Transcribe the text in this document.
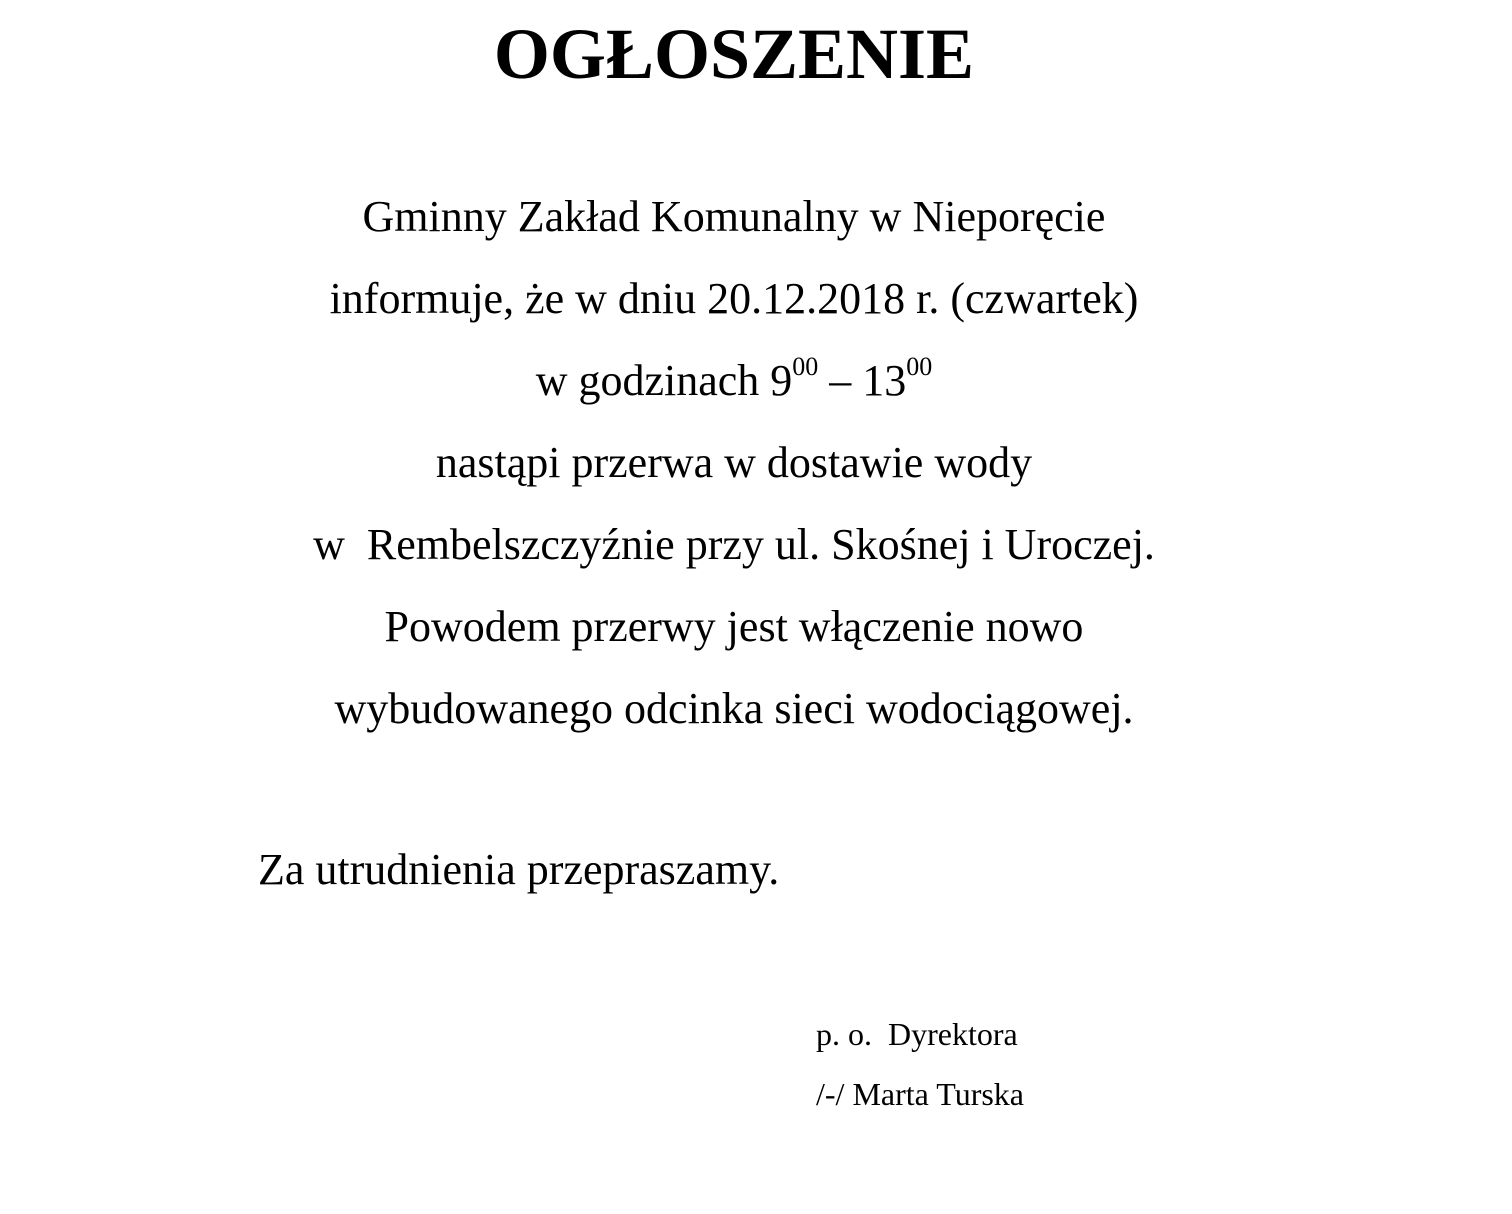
OGŁOSZENIE
Gminny Zakład Komunalny w Nieporęcie
informuje, że w dniu 20.12.2018 r. (czwartek)
w godzinach $9^{00} - 13^{00}$
nastąpi przerwa w dostawie wody
w  Rembelszczyźnie przy ul. Skośnej i Uroczej.
Powodem przerwy jest włączenie nowo
wybudowanego odcinka sieci wodociągowej.
Za utrudnienia przepraszamy.
p. o.  Dyrektora
/-/ Marta Turska
